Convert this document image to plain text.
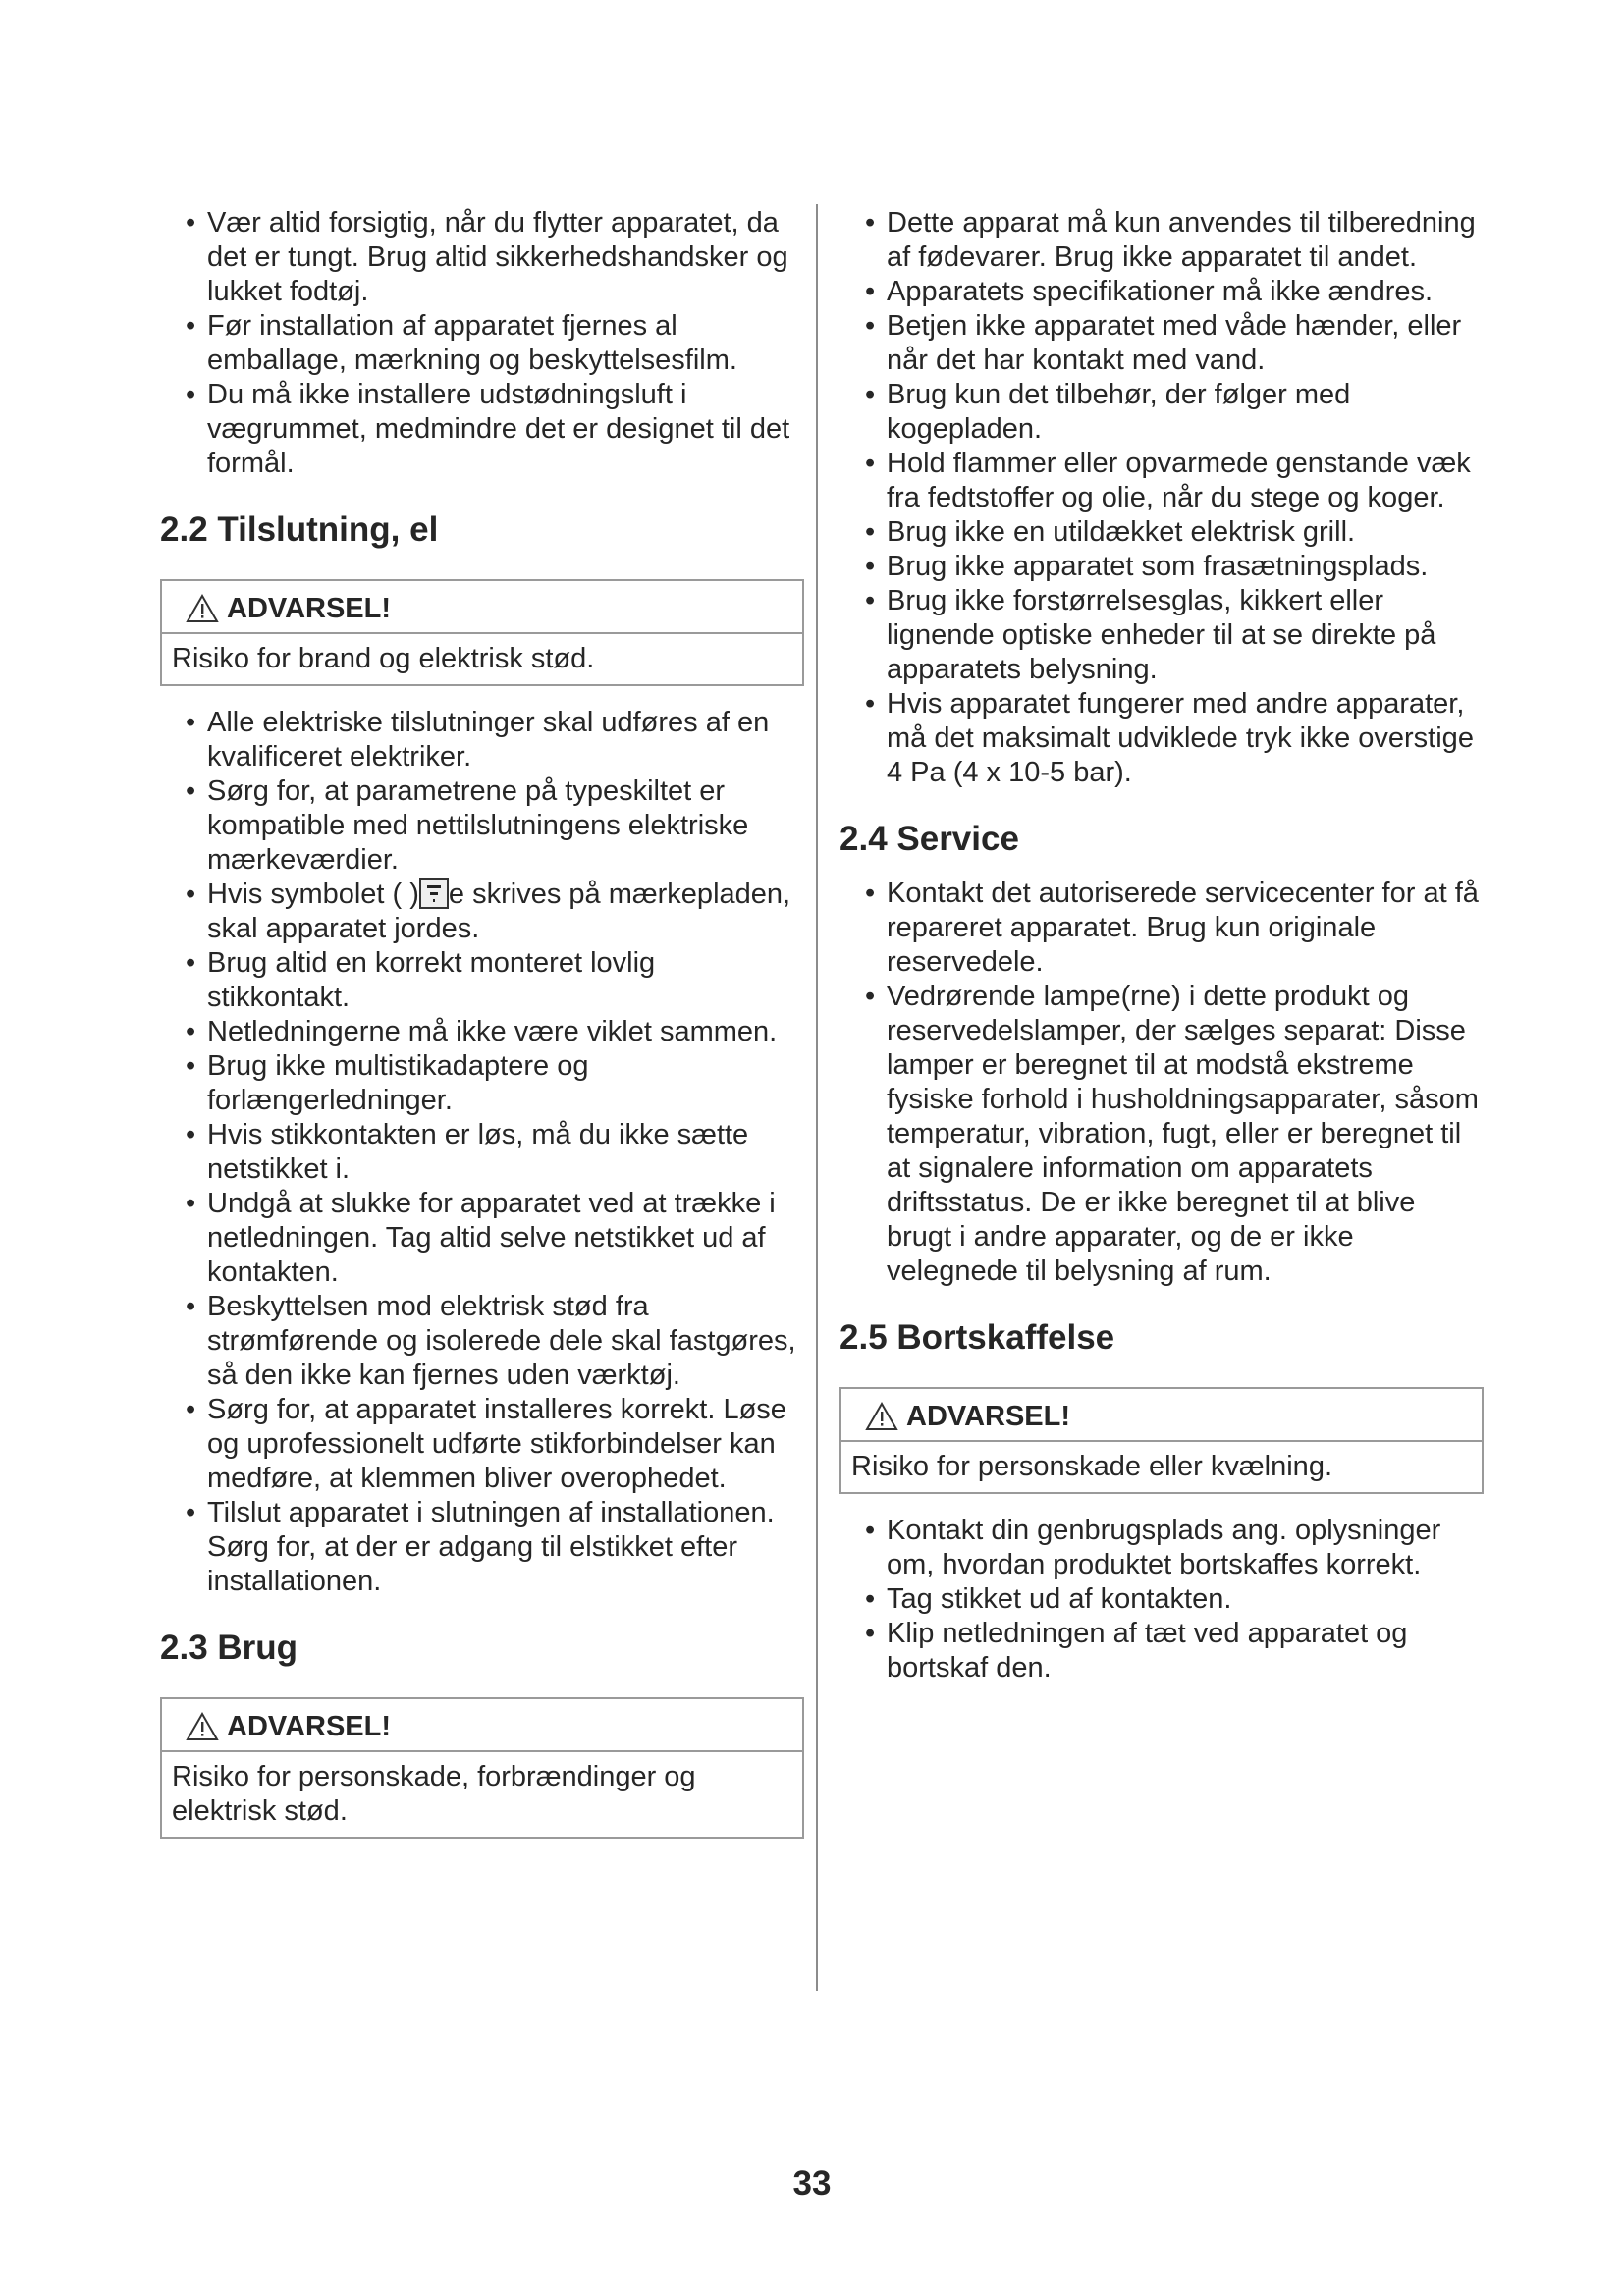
• Vær altid forsigtig, når du flytter apparatet, da det er tungt. Brug altid sikkerhedshandsker og lukket fodtøj.
• Før installation af apparatet fjernes al emballage, mærkning og beskyttelsesfilm.
• Du må ikke installere udstødningsluft i vægrummet, medmindre det er designet til det formål.
2.2 Tilslutning, el
ADVARSEL!
Risiko for brand og elektrisk stød.
• Alle elektriske tilslutninger skal udføres af en kvalificeret elektriker.
• Sørg for, at parametrene på typeskiltet er kompatible med nettilslutningens elektriske mærkeværdier.
• Hvis symbolet ( ) e skrives på mærkepladen, skal apparatet jordes.
• Brug altid en korrekt monteret lovlig stikkontakt.
• Netledningerne må ikke være viklet sammen.
• Brug ikke multistikadaptere og forlængerledninger.
• Hvis stikkontakten er løs, må du ikke sætte netstikket i.
• Undgå at slukke for apparatet ved at trække i netledningen. Tag altid selve netstikket ud af kontakten.
• Beskyttelsen mod elektrisk stød fra strømførende og isolerede dele skal fastgøres, så den ikke kan fjernes uden værktøj.
• Sørg for, at apparatet installeres korrekt. Løse og uprofessionelt udførte stikforbindelser kan medføre, at klemmen bliver overophedet.
• Tilslut apparatet i slutningen af installationen. Sørg for, at der er adgang til elstikket efter installationen.
2.3 Brug
ADVARSEL!
Risiko for personskade, forbrændinger og elektrisk stød.
• Dette apparat må kun anvendes til tilberedning af fødevarer. Brug ikke apparatet til andet.
• Apparatets specifikationer må ikke ændres.
• Betjen ikke apparatet med våde hænder, eller når det har kontakt med vand.
• Brug kun det tilbehør, der følger med kogepladen.
• Hold flammer eller opvarmede genstande væk fra fedtstoffer og olie, når du stege og koger.
• Brug ikke en utildækket elektrisk grill.
• Brug ikke apparatet som frasætningsplads.
• Brug ikke forstørrelsesglas, kikkert eller lignende optiske enheder til at se direkte på apparatets belysning.
• Hvis apparatet fungerer med andre apparater, må det maksimalt udviklede tryk ikke overstige 4 Pa (4 x 10-5 bar).
2.4 Service
• Kontakt det autoriserede servicecenter for at få repareret apparatet. Brug kun originale reservedele.
• Vedrørende lampe(rne) i dette produkt og reservedelslamper, der sælges separat: Disse lamper er beregnet til at modstå ekstreme fysiske forhold i husholdningsapparater, såsom temperatur, vibration, fugt, eller er beregnet til at signalere information om apparatets driftsstatus. De er ikke beregnet til at blive brugt i andre apparater, og de er ikke velegnede til belysning af rum.
2.5 Bortskaffelse
ADVARSEL!
Risiko for personskade eller kvælning.
• Kontakt din genbrugsplads ang. oplysninger om, hvordan produktet bortskaffes korrekt.
• Tag stikket ud af kontakten.
• Klip netledningen af tæt ved apparatet og bortskaf den.
33
